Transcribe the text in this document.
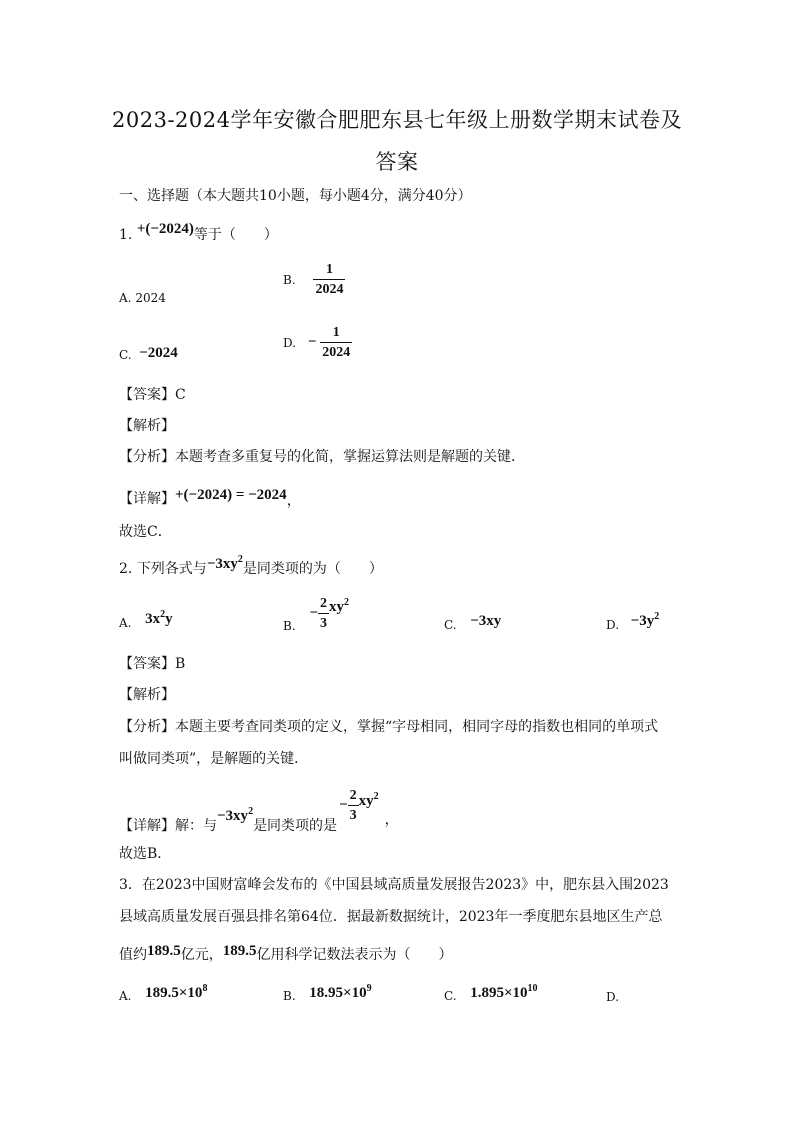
2023-2024学年安徽合肥肥东县七年级上册数学期末试卷及
答案
一、选择题（本大题共10小题，每小题4分，满分40分）
1. +(−2024)等于（　　）
A. 2024
B. $\frac{1}{2024}$
C. −2024
D. − $\frac{1}{2024}$
【答案】C
【解析】
【分析】本题考查多重复号的化简，掌握运算法则是解题的关键．
【详解】+(−2024) = −2024，
故选C．
2. 下列各式与$-3xy^2$是同类项的为（　　）
A. $3x^2y$	B. − $\frac{2}{3} xy^2$
C. −3xy	D. $-3y^2$
【答案】B
【解析】
【分析】本题主要考查同类项的定义，掌握“字母相同，相同字母的指数也相同的单项式
叫做同类项”，是解题的关键．
【详解】解：与$-3xy^2$是同类项的是− $\frac{2}{3} xy^2$，
故选B．
3．在2023中国财富峰会发布的《中国县域高质量发展报告2023》中，肥东县入围2023
县域高质量发展百强县排名第64位．据最新数据统计，2023年一季度肥东县地区生产总
值约189.5亿元，189.5亿用科学记数法表示为（　　）
A. $189.5\times 10^8$
B. $18.95\times 10^9$
C. $1.895\times 10^{10}$
D.
